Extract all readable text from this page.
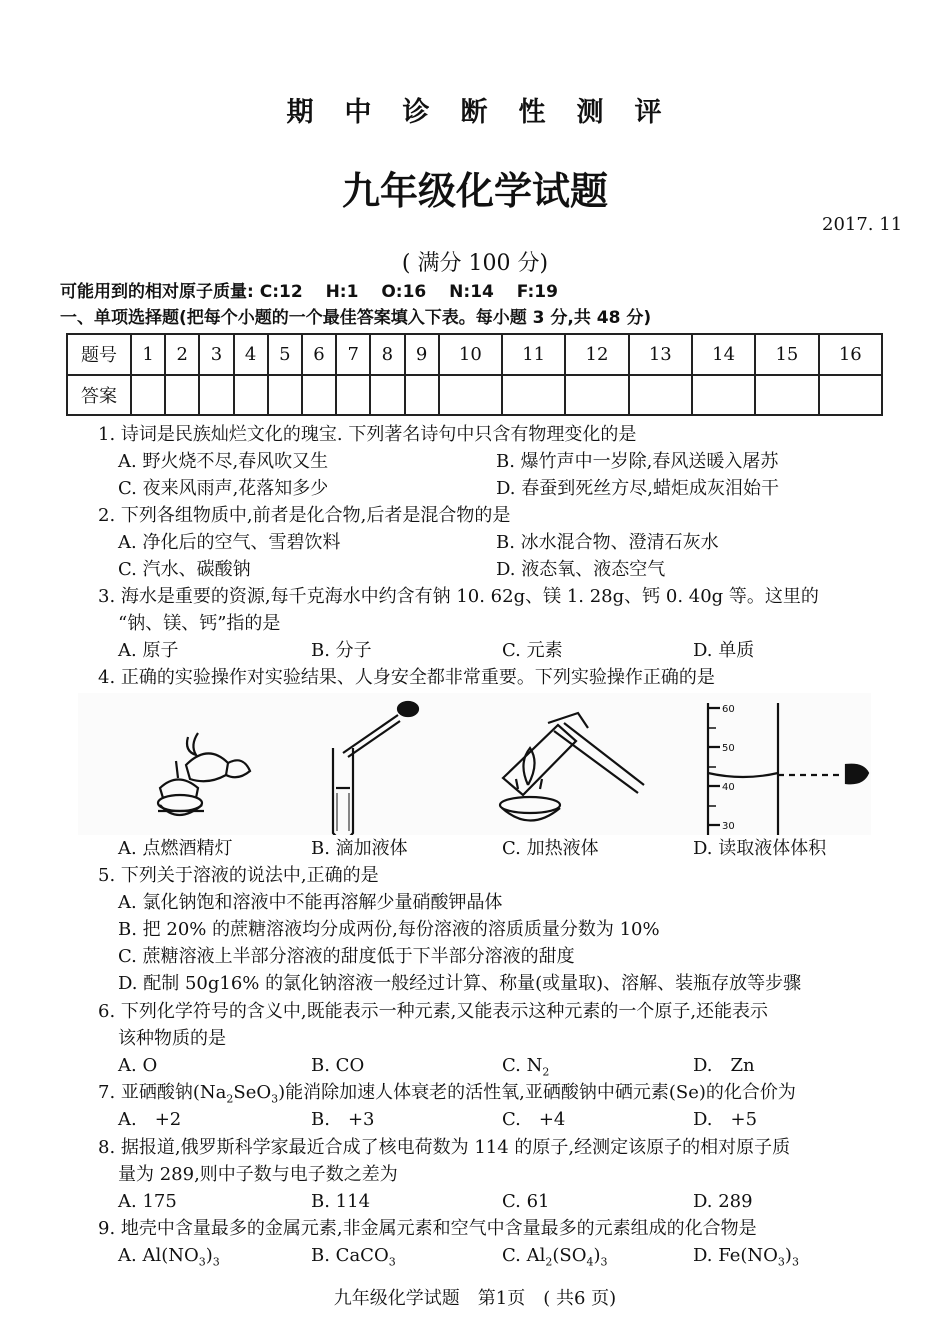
期　中　诊　断　性　测　评
九年级化学试题
2017. 11
( 满分 100 分)
可能用到的相对原子质量: C:12　 H:1　 O:16　 N:14　 F:19
一、单项选择题(把每个小题的一个最佳答案填入下表。每小题 3 分,共 48 分)
题号	1	2	3	4	5	6	7	8	9	10	11	12	13	14	15	16
答案																
1. 诗词是民族灿烂文化的瑰宝. 下列著名诗句中只含有物理变化的是
A. 野火烧不尽,春风吹又生	B. 爆竹声中一岁除,春风送暖入屠苏
C. 夜来风雨声,花落知多少	D. 春蚕到死丝方尽,蜡炬成灰泪始干
2. 下列各组物质中,前者是化合物,后者是混合物的是
A. 净化后的空气、雪碧饮料	B. 冰水混合物、澄清石灰水
C. 汽水、碳酸钠	D. 液态氧、液态空气
3. 海水是重要的资源,每千克海水中约含有钠 10. 62g、镁 1. 28g、钙 0. 40g 等。这里的
“钠、镁、钙”指的是
A. 原子	B. 分子	C. 元素	D. 单质
4. 正确的实验操作对实验结果、人身安全都非常重要。下列实验操作正确的是
60
50
40
30
A. 点燃酒精灯	B. 滴加液体	C. 加热液体	D. 读取液体体积
5. 下列关于溶液的说法中,正确的是
A. 氯化钠饱和溶液中不能再溶解少量硝酸钾晶体
B. 把 20% 的蔗糖溶液均分成两份,每份溶液的溶质质量分数为 10%
C. 蔗糖溶液上半部分溶液的甜度低于下半部分溶液的甜度
D. 配制 50g16% 的氯化钠溶液一般经过计算、称量(或量取)、溶解、装瓶存放等步骤
6. 下列化学符号的含义中,既能表示一种元素,又能表示这种元素的一个原子,还能表示
该种物质的是
A. O	B. CO	C. $N_2$	D.　Zn
7. 亚硒酸钠$(Na_2SeO_3)$能消除加速人体衰老的活性氧,亚硒酸钠中硒元素(Se)的化合价为
A.　+2	B.　+3	C.　+4	D.　+5
8. 据报道,俄罗斯科学家最近合成了核电荷数为 114 的原子,经测定该原子的相对原子质
量为 289,则中子数与电子数之差为
A. 175	B. 114	C. 61	D. 289
9. 地壳中含量最多的金属元素,非金属元素和空气中含量最多的元素组成的化合物是
A. $Al(NO_3)_3$	B. CaCO$_3$	C. $Al_2(SO_4)_3$	D. $Fe(NO_3)_3$
九年级化学试题　第1页　( 共6 页)
